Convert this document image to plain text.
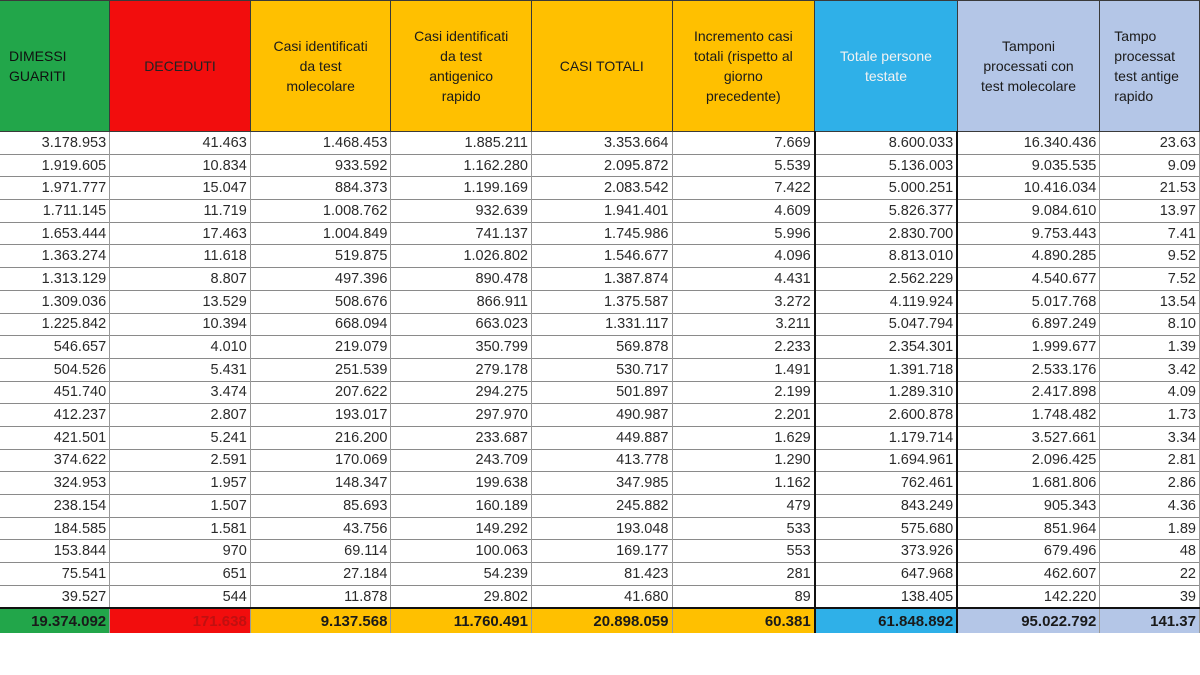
DIMESSI
GUARITI	DECEDUTI	Casi identificati
da test
molecolare	Casi identificati
da test
antigenico
rapido	CASI TOTALI	Incremento casi
totali (rispetto al
giorno
precedente)	Totale persone
testate	Tamponi
processati con
test molecolare	Tampo
processat
test antige
rapido
3.178.953	41.463	1.468.453	1.885.211	3.353.664	7.669	8.600.033	16.340.436	23.63
1.919.605	10.834	933.592	1.162.280	2.095.872	5.539	5.136.003	9.035.535	9.09
1.971.777	15.047	884.373	1.199.169	2.083.542	7.422	5.000.251	10.416.034	21.53
1.711.145	11.719	1.008.762	932.639	1.941.401	4.609	5.826.377	9.084.610	13.97
1.653.444	17.463	1.004.849	741.137	1.745.986	5.996	2.830.700	9.753.443	7.41
1.363.274	11.618	519.875	1.026.802	1.546.677	4.096	8.813.010	4.890.285	9.52
1.313.129	8.807	497.396	890.478	1.387.874	4.431	2.562.229	4.540.677	7.52
1.309.036	13.529	508.676	866.911	1.375.587	3.272	4.119.924	5.017.768	13.54
1.225.842	10.394	668.094	663.023	1.331.117	3.211	5.047.794	6.897.249	8.10
546.657	4.010	219.079	350.799	569.878	2.233	2.354.301	1.999.677	1.39
504.526	5.431	251.539	279.178	530.717	1.491	1.391.718	2.533.176	3.42
451.740	3.474	207.622	294.275	501.897	2.199	1.289.310	2.417.898	4.09
412.237	2.807	193.017	297.970	490.987	2.201	2.600.878	1.748.482	1.73
421.501	5.241	216.200	233.687	449.887	1.629	1.179.714	3.527.661	3.34
374.622	2.591	170.069	243.709	413.778	1.290	1.694.961	2.096.425	2.81
324.953	1.957	148.347	199.638	347.985	1.162	762.461	1.681.806	2.86
238.154	1.507	85.693	160.189	245.882	479	843.249	905.343	4.36
184.585	1.581	43.756	149.292	193.048	533	575.680	851.964	1.89
153.844	970	69.114	100.063	169.177	553	373.926	679.496	48
75.541	651	27.184	54.239	81.423	281	647.968	462.607	22
39.527	544	11.878	29.802	41.680	89	138.405	142.220	39
19.374.092	171.638	9.137.568	11.760.491	20.898.059	60.381	61.848.892	95.022.792	141.37
